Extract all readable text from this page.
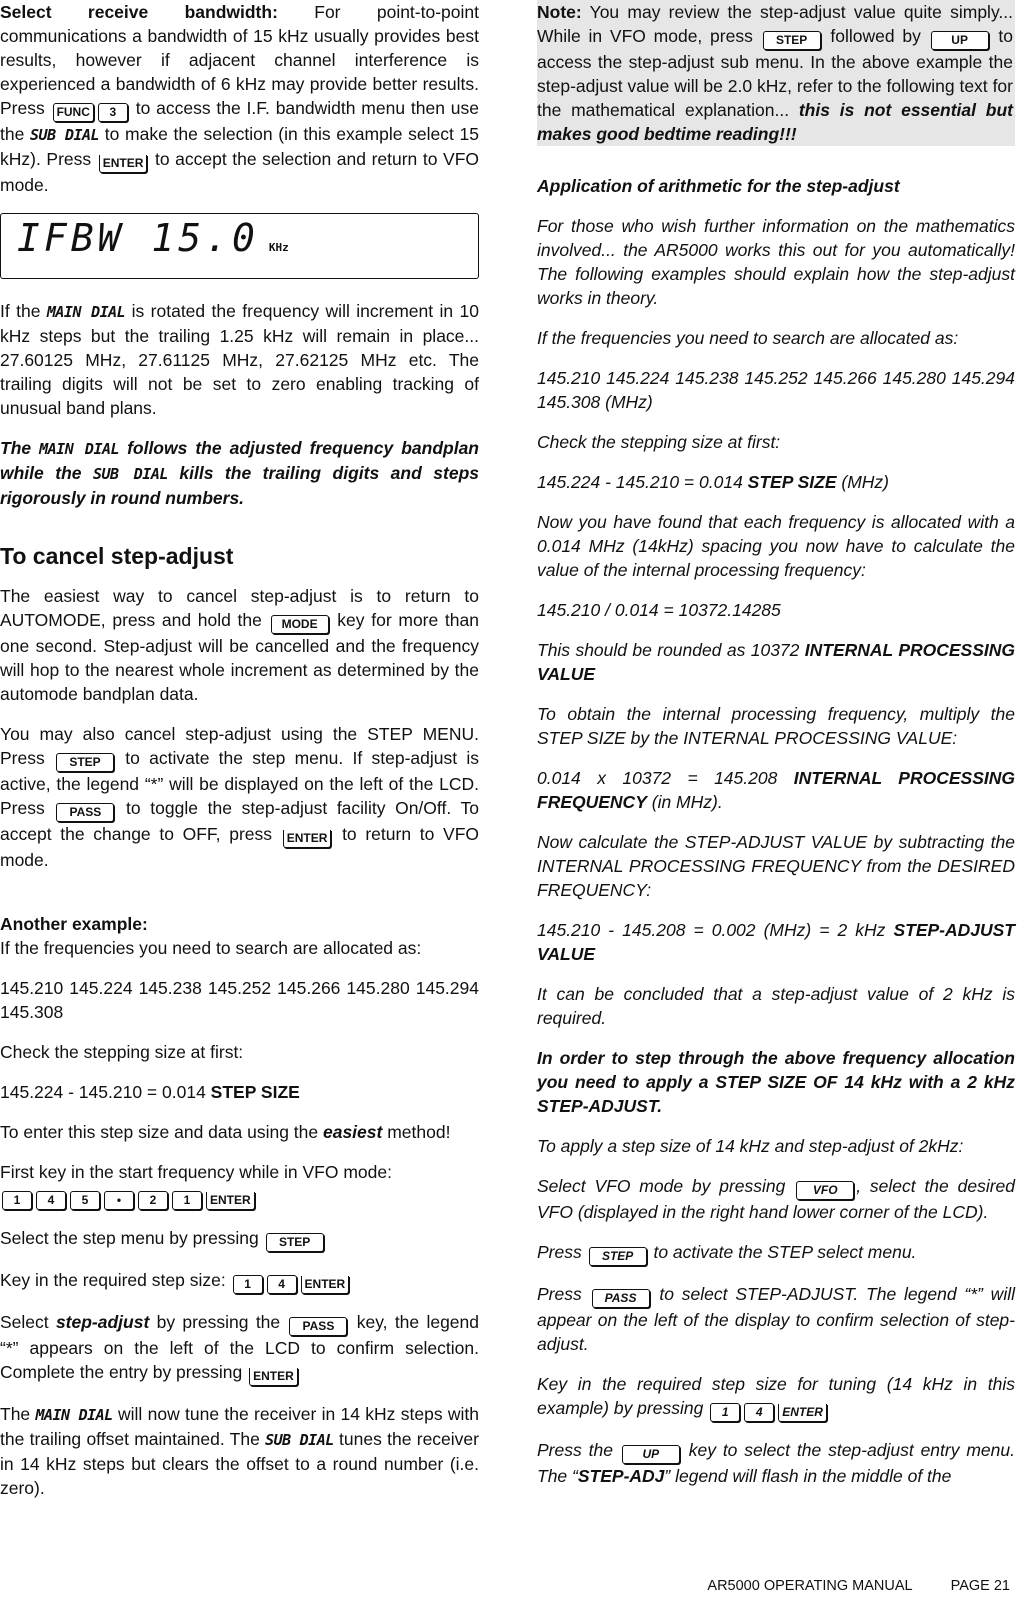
Select receive bandwidth: For point-to-point communications a bandwidth of 15 kHz usually provides best results, however if adjacent channel interference is experienced a bandwidth of 6 kHz may provide better results. Press FUNC 3 to access the I.F. bandwidth menu then use the SUB DIAL to make the selection (in this example select 15 kHz). Press ENTER to accept the selection and return to VFO mode.

IFBW 15.0 KHz

If the MAIN DIAL is rotated the frequency will increment in 10 kHz steps but the trailing 1.25 kHz will remain in place... 27.60125 MHz, 27.61125 MHz, 27.62125 MHz etc. The trailing digits will not be set to zero enabling tracking of unusual band plans.

The MAIN DIAL follows the adjusted frequency bandplan while the SUB DIAL kills the trailing digits and steps rigorously in round numbers.

To cancel step-adjust

The easiest way to cancel step-adjust is to return to AUTOMODE, press and hold the MODE key for more than one second. Step-adjust will be cancelled and the frequency will hop to the nearest whole increment as determined by the automode bandplan data.

You may also cancel step-adjust using the STEP MENU. Press STEP to activate the step menu. If step-adjust is active, the legend “*” will be displayed on the left of the LCD. Press PASS to toggle the step-adjust facility On/Off. To accept the change to OFF, press ENTER to return to VFO mode.

Another example:
If the frequencies you need to search are allocated as:

145.210 145.224 145.238 145.252 145.266 145.280 145.294 145.308

Check the stepping size at first:

145.224 - 145.210 = 0.014 STEP SIZE

To enter this step size and data using the easiest method!

First key in the start frequency while in VFO mode:

1 4 5 • 2 1 ENTER

Select the step menu by pressing STEP

Key in the required step size: 1 4 ENTER

Select step-adjust by pressing the PASS key, the legend “*” appears on the left of the LCD to confirm selection. Complete the entry by pressing ENTER

The MAIN DIAL will now tune the receiver in 14 kHz steps with the trailing offset maintained. The SUB DIAL tunes the receiver in 14 kHz steps but clears the offset to a round number (i.e. zero).

Note: You may review the step-adjust value quite simply... While in VFO mode, press STEP followed by UP to access the step-adjust sub menu. In the above example the step-adjust value will be 2.0 kHz, refer to the following text for the mathematical explanation... this is not essential but makes good bedtime reading!!!

Application of arithmetic for the step-adjust

For those who wish further information on the mathematics involved... the AR5000 works this out for you automatically! The following examples should explain how the step-adjust works in theory.

If the frequencies you need to search are allocated as:

145.210 145.224 145.238 145.252 145.266 145.280 145.294 145.308 (MHz)

Check the stepping size at first:

145.224 - 145.210 = 0.014 STEP SIZE (MHz)

Now you have found that each frequency is allocated with a 0.014 MHz (14kHz) spacing you now have to calculate the value of the internal processing frequency:

145.210 / 0.014 = 10372.14285

This should be rounded as 10372 INTERNAL PROCESSING VALUE

To obtain the internal processing frequency, multiply the STEP SIZE by the INTERNAL PROCESSING VALUE:

0.014 x 10372 = 145.208 INTERNAL PROCESSING FREQUENCY (in MHz).

Now calculate the STEP-ADJUST VALUE by subtracting the INTERNAL PROCESSING FREQUENCY from the DESIRED FREQUENCY:

145.210 - 145.208 = 0.002 (MHz) = 2 kHz STEP-ADJUST VALUE

It can be concluded that a step-adjust value of 2 kHz is required.

In order to step through the above frequency allocation you need to apply a STEP SIZE OF 14 kHz with a 2 kHz STEP-ADJUST.

To apply a step size of 14 kHz and step-adjust of 2kHz:

Select VFO mode by pressing VFO , select the desired VFO (displayed in the right hand lower corner of the LCD).

Press STEP to activate the STEP select menu.

Press PASS to select STEP-ADJUST. The legend “*” will appear on the left of the display to confirm selection of step-adjust.

Key in the required step size for tuning (14 kHz in this example) by pressing 1 4 ENTER

Press the UP key to select the step-adjust entry menu. The “STEP-ADJ” legend will flash in the middle of the

AR5000 OPERATING MANUAL	PAGE 21
